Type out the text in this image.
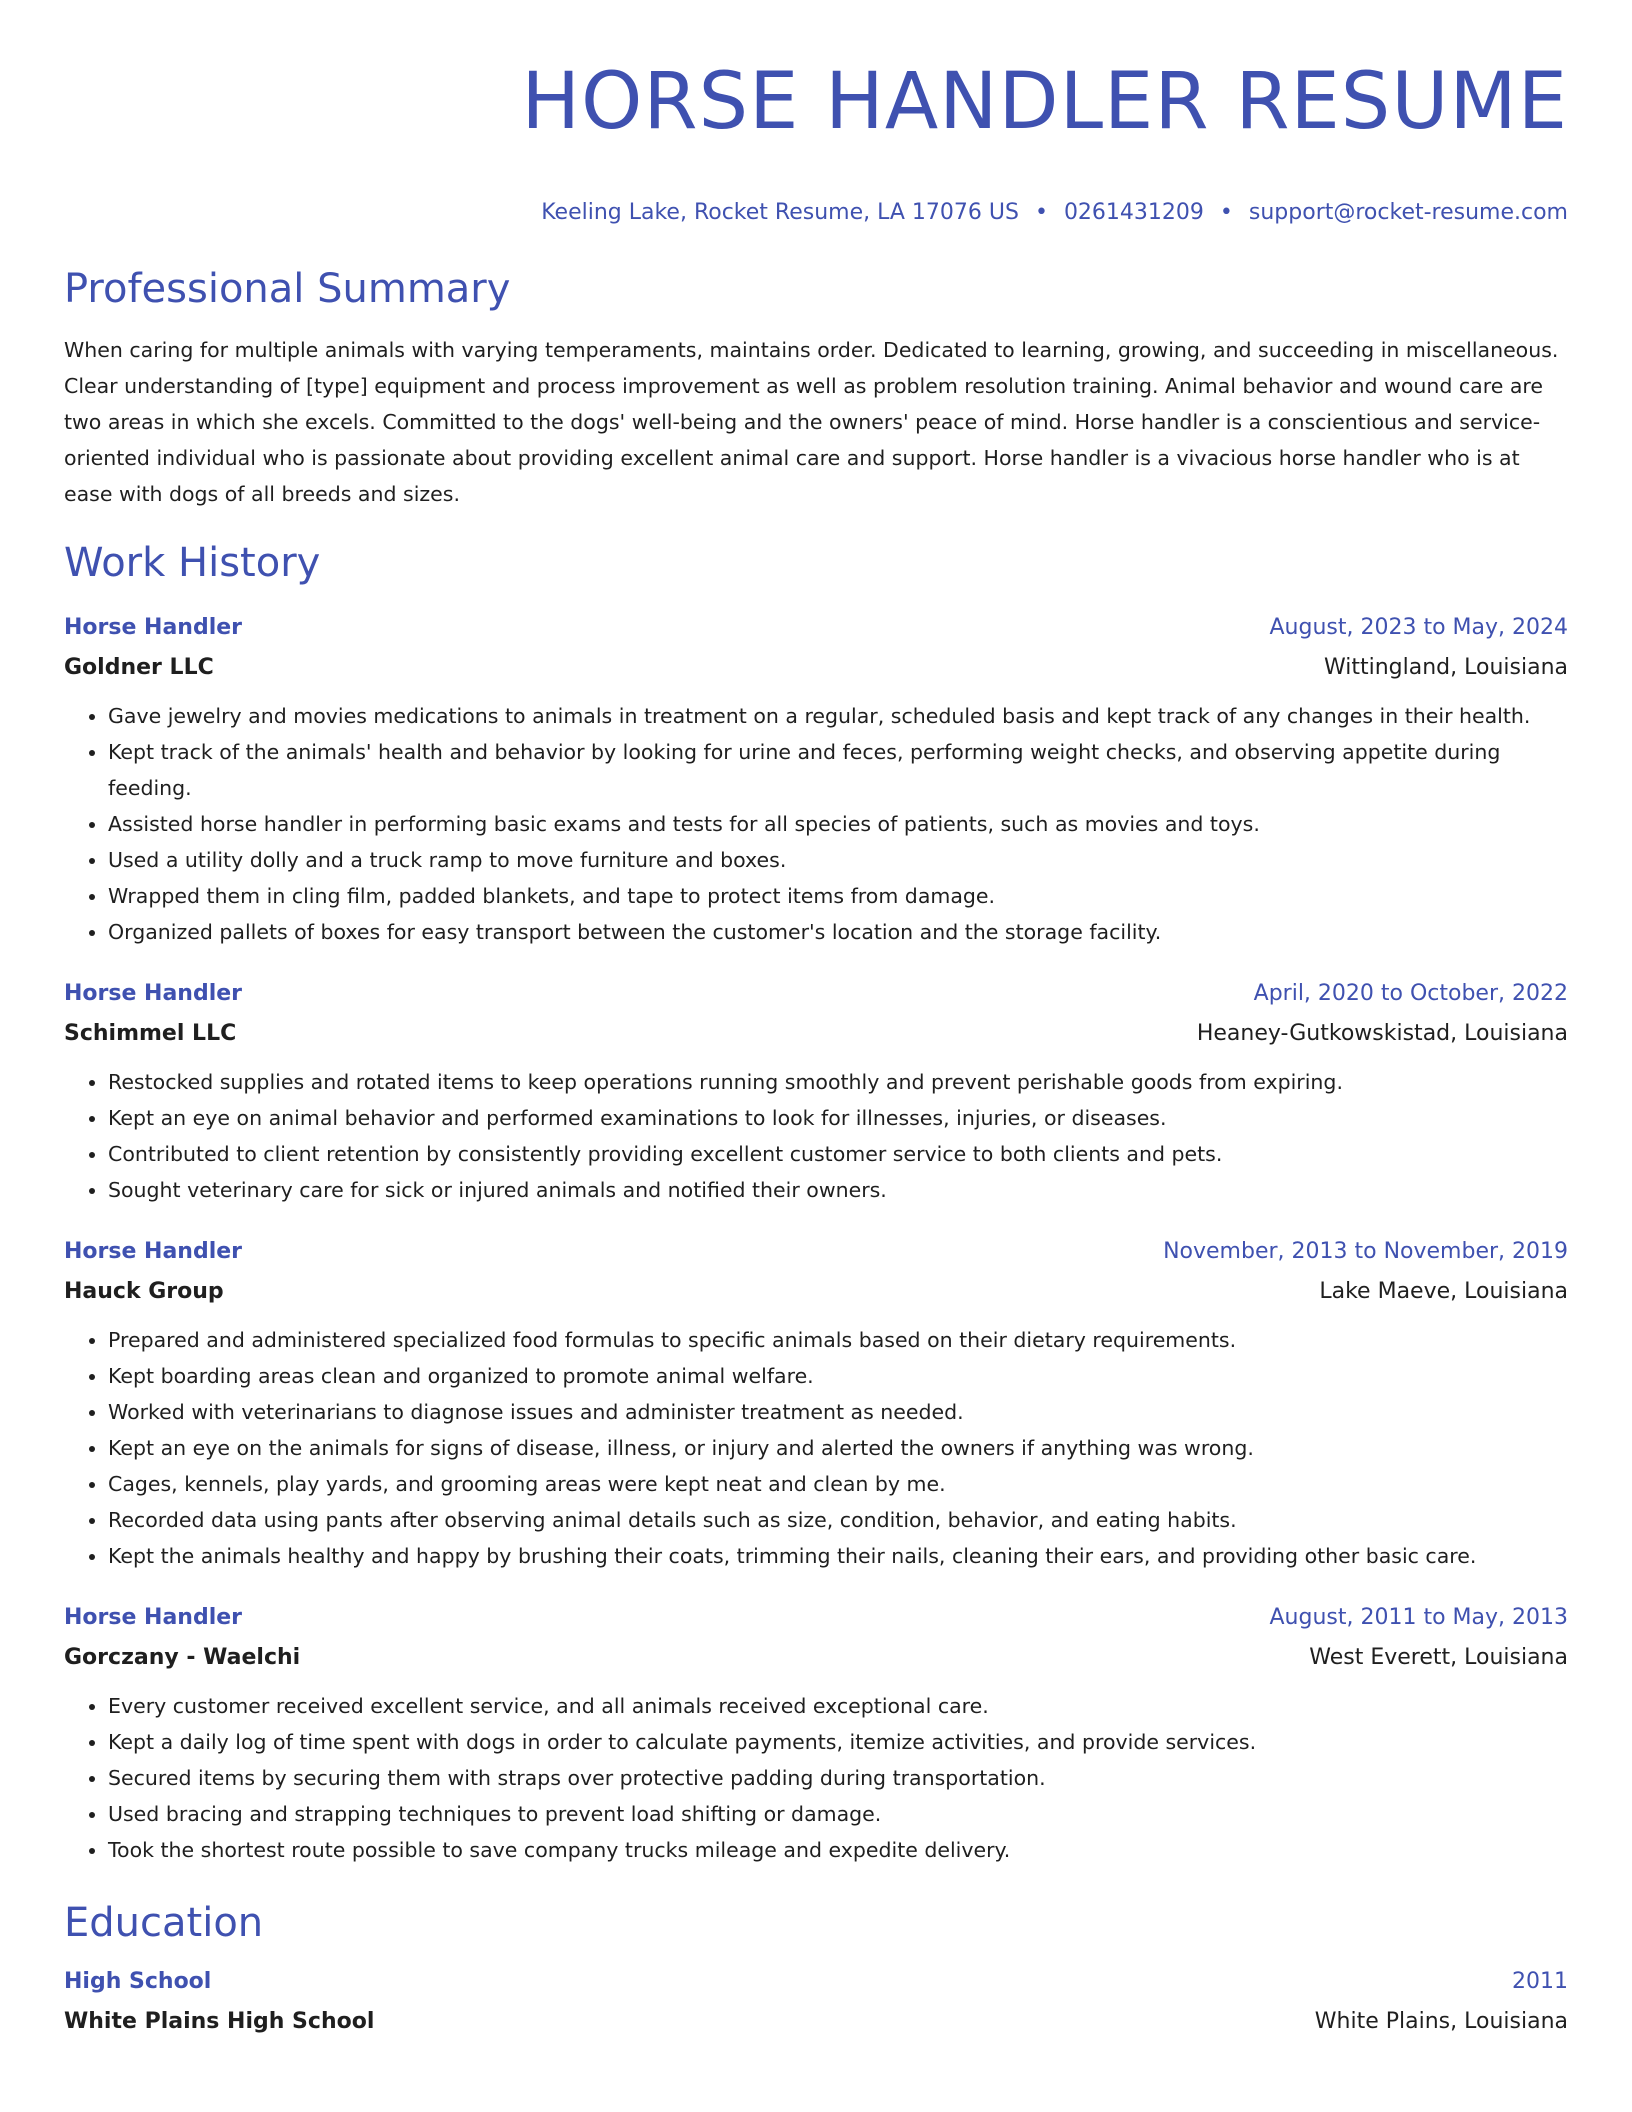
HORSE HANDLER RESUME
Keeling Lake, Rocket Resume, LA 17076 US • 0261431209 • support@rocket-resume.com
Professional Summary
When caring for multiple animals with varying temperaments, maintains order. Dedicated to learning, growing, and succeeding in miscellaneous. Clear understanding of [type] equipment and process improvement as well as problem resolution training. Animal behavior and wound care are two areas in which she excels. Committed to the dogs' well-being and the owners' peace of mind. Horse handler is a conscientious and service-oriented individual who is passionate about providing excellent animal care and support. Horse handler is a vivacious horse handler who is at ease with dogs of all breeds and sizes.
Work History
Horse Handler	August, 2023 to May, 2024
Goldner LLC	Wittingland, Louisiana
• Gave jewelry and movies medications to animals in treatment on a regular, scheduled basis and kept track of any changes in their health.
• Kept track of the animals' health and behavior by looking for urine and feces, performing weight checks, and observing appetite during feeding.
• Assisted horse handler in performing basic exams and tests for all species of patients, such as movies and toys.
• Used a utility dolly and a truck ramp to move furniture and boxes.
• Wrapped them in cling film, padded blankets, and tape to protect items from damage.
• Organized pallets of boxes for easy transport between the customer's location and the storage facility.
Horse Handler	April, 2020 to October, 2022
Schimmel LLC	Heaney-Gutkowskistad, Louisiana
• Restocked supplies and rotated items to keep operations running smoothly and prevent perishable goods from expiring.
• Kept an eye on animal behavior and performed examinations to look for illnesses, injuries, or diseases.
• Contributed to client retention by consistently providing excellent customer service to both clients and pets.
• Sought veterinary care for sick or injured animals and notified their owners.
Horse Handler	November, 2013 to November, 2019
Hauck Group	Lake Maeve, Louisiana
• Prepared and administered specialized food formulas to specific animals based on their dietary requirements.
• Kept boarding areas clean and organized to promote animal welfare.
• Worked with veterinarians to diagnose issues and administer treatment as needed.
• Kept an eye on the animals for signs of disease, illness, or injury and alerted the owners if anything was wrong.
• Cages, kennels, play yards, and grooming areas were kept neat and clean by me.
• Recorded data using pants after observing animal details such as size, condition, behavior, and eating habits.
• Kept the animals healthy and happy by brushing their coats, trimming their nails, cleaning their ears, and providing other basic care.
Horse Handler	August, 2011 to May, 2013
Gorczany - Waelchi	West Everett, Louisiana
• Every customer received excellent service, and all animals received exceptional care.
• Kept a daily log of time spent with dogs in order to calculate payments, itemize activities, and provide services.
• Secured items by securing them with straps over protective padding during transportation.
• Used bracing and strapping techniques to prevent load shifting or damage.
• Took the shortest route possible to save company trucks mileage and expedite delivery.
Education
High School	2011
White Plains High School	White Plains, Louisiana
